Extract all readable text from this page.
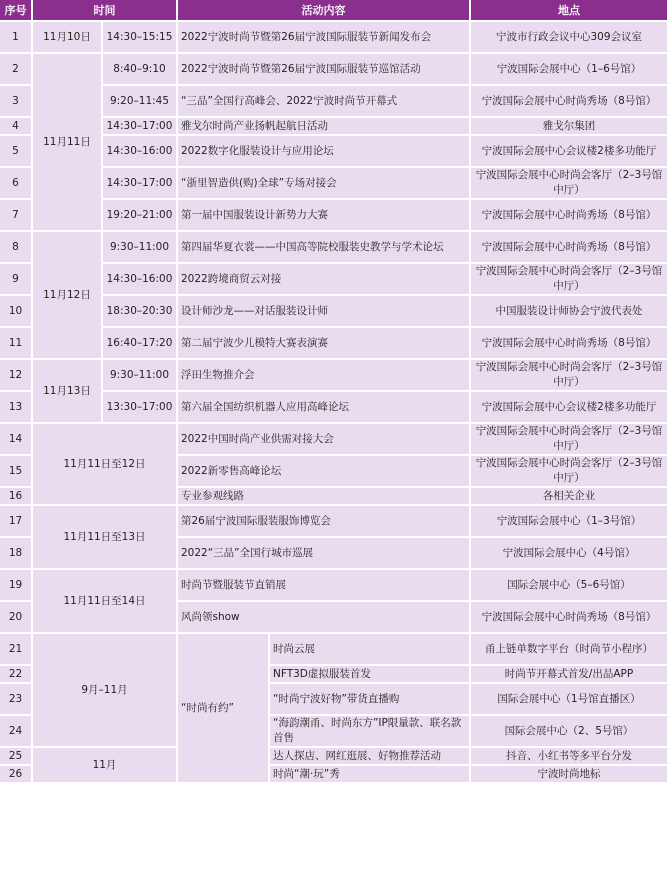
序号	时间		活动内容		地点
1	11月10日	14:30–15:15	2022宁波时尚节暨第26届宁波国际服装节新闻发布会		宁波市行政会议中心309会议室
2	11月11日	8:40–9:10	2022宁波时尚节暨第26届宁波国际服装节巡馆活动		宁波国际会展中心（1–6号馆）
3		9:20–11:45	“三品”全国行高峰会、2022宁波时尚节开幕式		宁波国际会展中心时尚秀场（8号馆）
4		14:30–17:00	雅戈尔时尚产业扬帆起航日活动		雅戈尔集团
5		14:30–16:00	2022数字化服装设计与应用论坛		宁波国际会展中心会议楼2楼多功能厅
6		14:30–17:00	“浙里智造供(购)全球”专场对接会		宁波国际会展中心时尚会客厅（2–3号馆中厅）
7		19:20–21:00	第一届中国服装设计新势力大赛		宁波国际会展中心时尚秀场（8号馆）
8	11月12日	9:30–11:00	第四届华夏衣裳——中国高等院校服装史教学与学术论坛		宁波国际会展中心时尚秀场（8号馆）
9		14:30–16:00	2022跨境商贸云对接		宁波国际会展中心时尚会客厅（2–3号馆中厅）
10		18:30–20:30	设计师沙龙——对话服装设计师		中国服装设计师协会宁波代表处
11		16:40–17:20	第二届宁波少儿模特大赛表演赛		宁波国际会展中心时尚秀场（8号馆）
12	11月13日	9:30–11:00	浮田生物推介会		宁波国际会展中心时尚会客厅（2–3号馆中厅）
13		13:30–17:00	第六届全国纺织机器人应用高峰论坛		宁波国际会展中心会议楼2楼多功能厅
14	11月11日至12日		2022中国时尚产业供需对接大会		宁波国际会展中心时尚会客厅（2–3号馆中厅）
15			2022新零售高峰论坛		宁波国际会展中心时尚会客厅（2–3号馆中厅）
16			专业参观线路		各相关企业
17	11月11日至13日		第26届宁波国际服装服饰博览会		宁波国际会展中心（1–3号馆）
18			2022“三品”全国行城市巡展		宁波国际会展中心（4号馆）
19	11月11日至14日		时尚节暨服装节直销展		国际会展中心（5–6号馆）
20			风尚领show		宁波国际会展中心时尚秀场（8号馆）
21	9月–11月		“时尚有约”	时尚云展	甬上链单数字平台（时尚节小程序）
22				NFT3D虚拟服装首发	时尚节开幕式首发/出品APP
23				“时尚宁波好物”带货直播购	国际会展中心（1号馆直播区）
24				“海韵潮甬、时尚东方”IP限量款、联名款首售	国际会展中心（2、5号馆）
25	11月			达人探店、网红逛展、好物推荐活动	抖音、小红书等多平台分发
26				时尚“潮·玩”秀	宁波时尚地标
